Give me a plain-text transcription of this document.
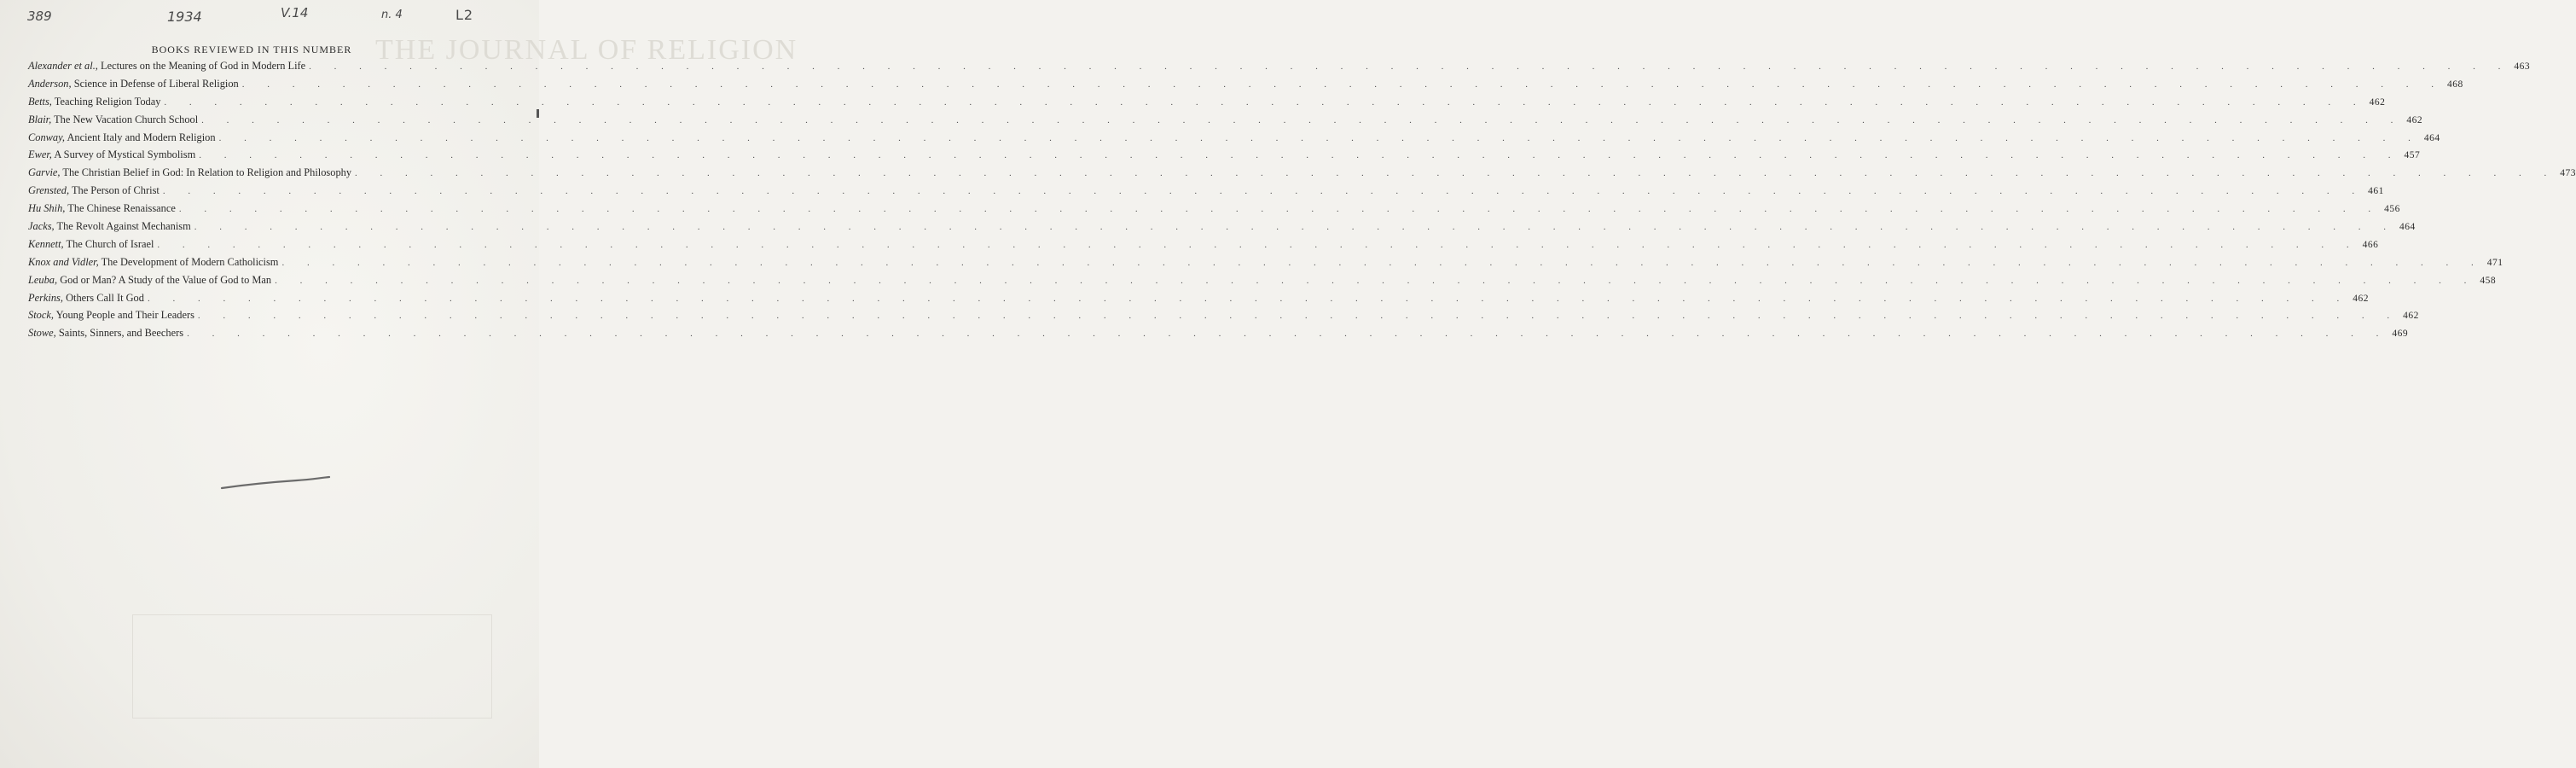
THE JOURNAL OF RELIGION
389	1934	V.14	n. 4	L2
BOOKS REVIEWED IN THIS NUMBER
Alexander et al., Lectures on the Meaning of God in Modern Life . . .	463
Anderson, Science in Defense of Liberal Religion . . .	468
Betts, Teaching Religion Today . . .	462
Blair, The New Vacation Church School . . .	462
Conway, Ancient Italy and Modern Religion . . .	464
Ewer, A Survey of Mystical Symbolism . . .	457
Garvie, The Christian Belief in God: In Relation to Religion and Philosophy . . .	473
Grensted, The Person of Christ . . .	461
Hu Shih, The Chinese Renaissance . . .	456
Jacks, The Revolt Against Mechanism . . .	464
Kennett, The Church of Israel . . .	466
Knox and Vidler, The Development of Modern Catholicism . . .	471
Leuba, God or Man? A Study of the Value of God to Man . . .	458
Perkins, Others Call It God . . .	462
Stock, Young People and Their Leaders . . .	462
Stowe, Saints, Sinners, and Beechers . . .	469
